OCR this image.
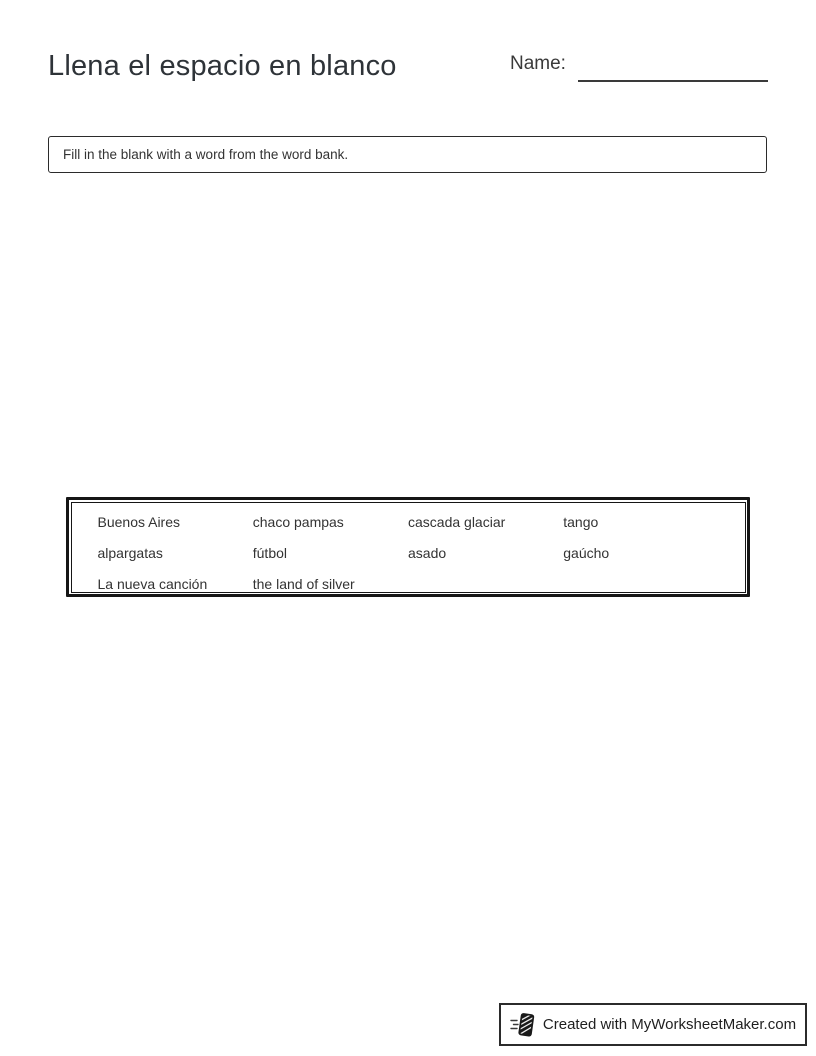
Llena el espacio en blanco	Name:
Fill in the blank with a word from the word bank.
Buenos Aires	chaco pampas	cascada glaciar	tango
alpargatas	fútbol	asado	gaúcho
La nueva canción	the land of silver
Created with MyWorksheetMaker.com
